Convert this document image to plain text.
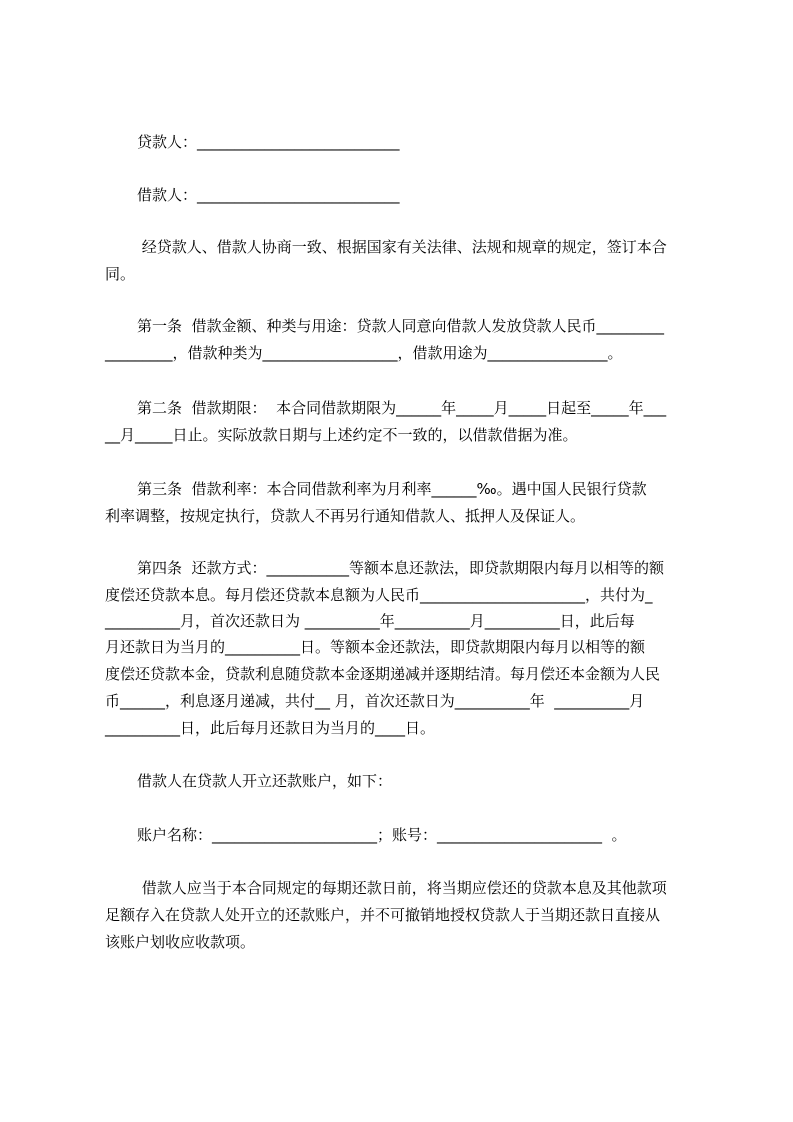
贷款人：___________________________
借款人：___________________________
经贷款人、借款人协商一致、根据国家有关法律、法规和规章的规定，签订本合
同。
第一条  借款金额、种类与用途：贷款人同意向借款人发放贷款人民币_________
_________，借款种类为__________________，借款用途为________________。
第二条  借款期限：  本合同借款期限为______年_____月_____日起至_____年___
__月_____日止。实际放款日期与上述约定不一致的，以借款借据为准。
第三条  借款利率：本合同借款利率为月利率______‰。遇中国人民银行贷款
利率调整，按规定执行，贷款人不再另行通知借款人、抵押人及保证人。
第四条  还款方式：___________等额本息还款法，即贷款期限内每月以相等的额
度偿还贷款本息。每月偿还贷款本息额为人民币______________________，共付为_
__________月，首次还款日为 __________年__________月__________日，此后每
月还款日为当月的__________日。等额本金还款法，即贷款期限内每月以相等的额
度偿还贷款本金，贷款利息随贷款本金逐期递减并逐期结清。每月偿还本金额为人民
币______，利息逐月递减，共付__ 月，首次还款日为__________年  __________月
__________日，此后每月还款日为当月的____日。
借款人在贷款人开立还款账户，如下：
账户名称：______________________；账号：______________________  。
借款人应当于本合同规定的每期还款日前，将当期应偿还的贷款本息及其他款项
足额存入在贷款人处开立的还款账户，并不可撤销地授权贷款人于当期还款日直接从
该账户划收应收款项。
